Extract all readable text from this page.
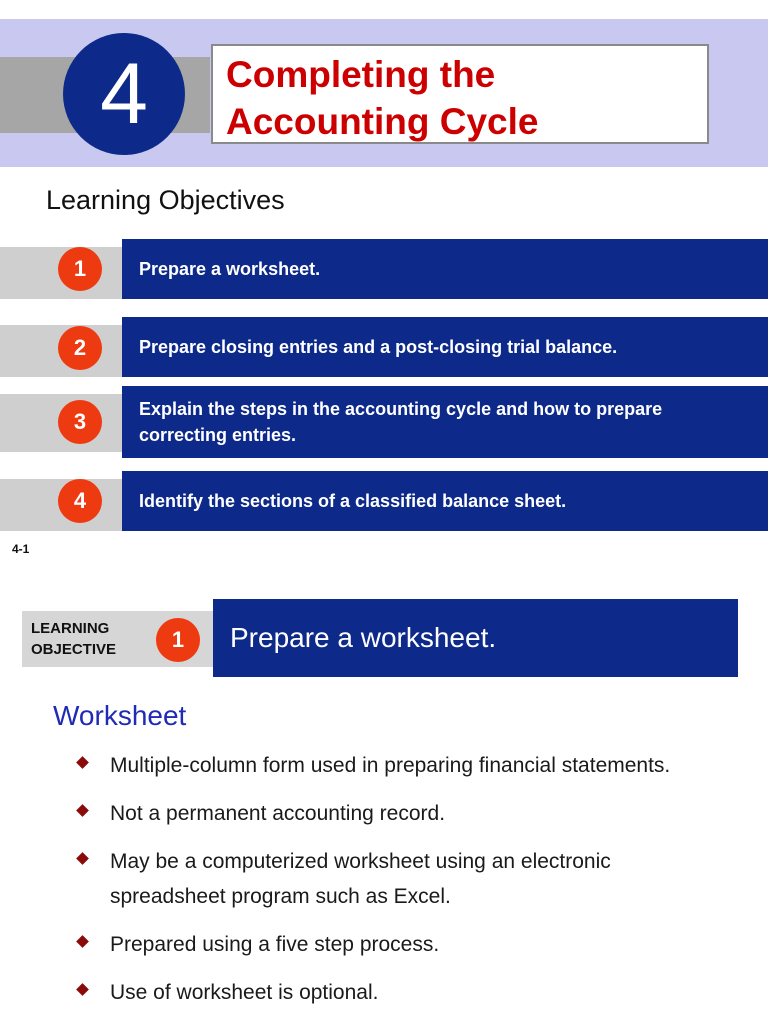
4	Completing the
Accounting Cycle
Learning Objectives
Prepare a worksheet.
1
Prepare closing entries and a post-closing trial balance.
2
Explain the steps in the accounting cycle and how to prepare correcting entries.
3
Identify the sections of a classified balance sheet.
4
4-1
LEARNING
OBJECTIVE	1	Prepare a worksheet.
Worksheet
Multiple-column form used in preparing financial statements.
Not a permanent accounting record.
May be a computerized worksheet using an electronic spreadsheet program such as Excel.
Prepared using a five step process.
Use of worksheet is optional.
